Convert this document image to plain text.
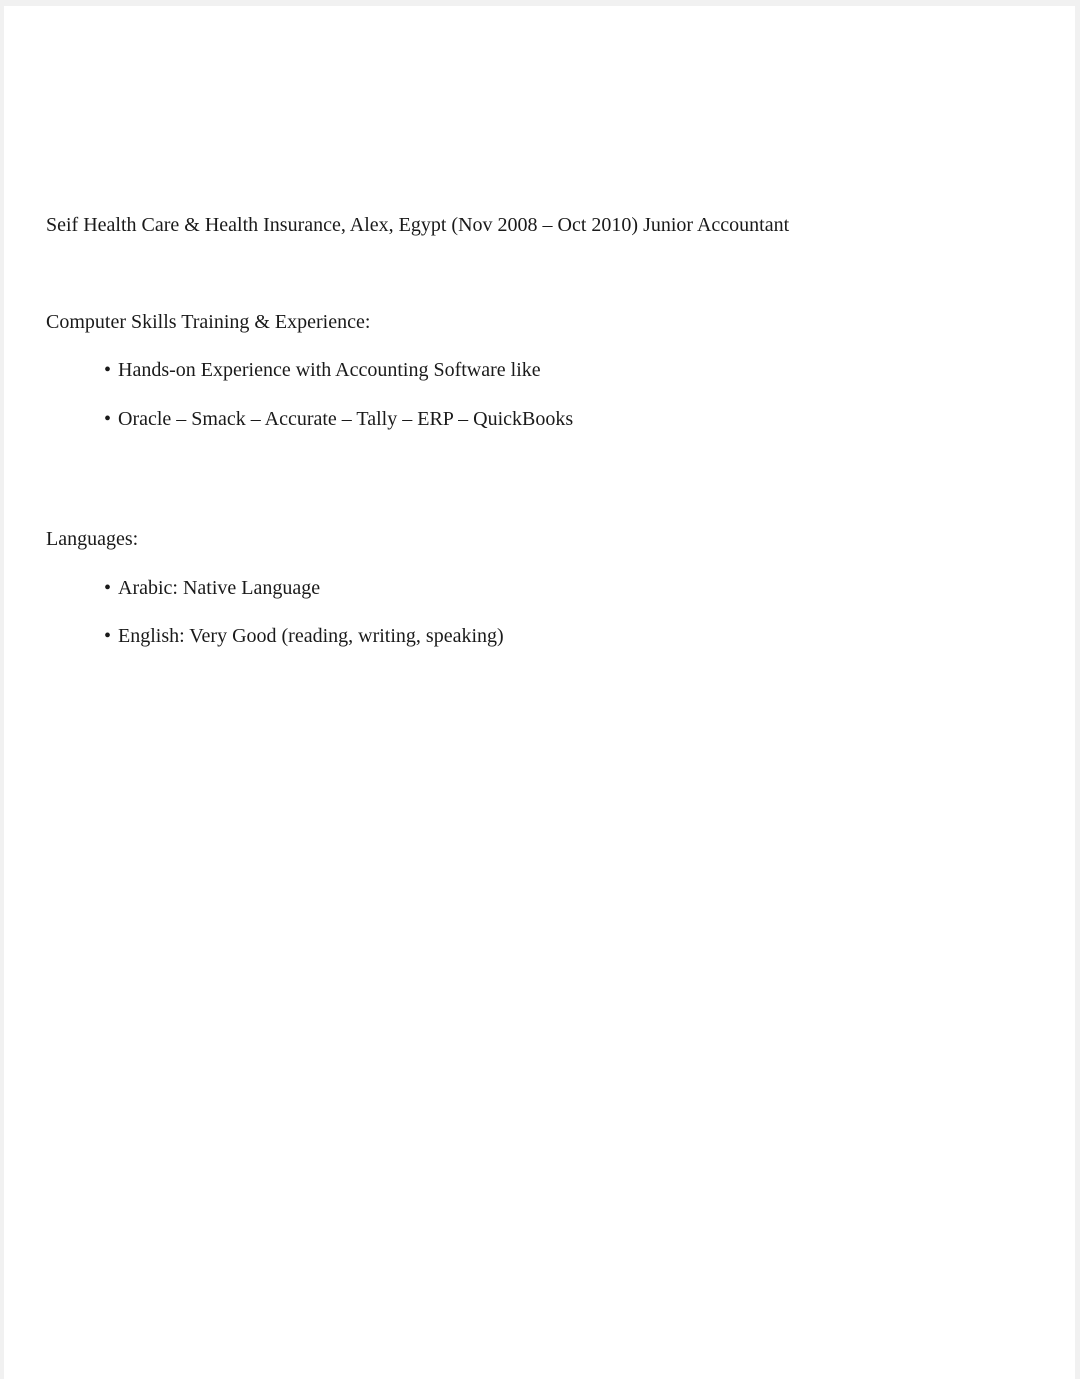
Seif Health Care & Health Insurance, Alex, Egypt (Nov 2008 – Oct 2010) Junior Accountant
Computer Skills Training & Experience:
• Hands-on Experience with Accounting Software like
• Oracle – Smack – Accurate – Tally – ERP – QuickBooks
Languages:
• Arabic: Native Language
• English: Very Good (reading, writing, speaking)
